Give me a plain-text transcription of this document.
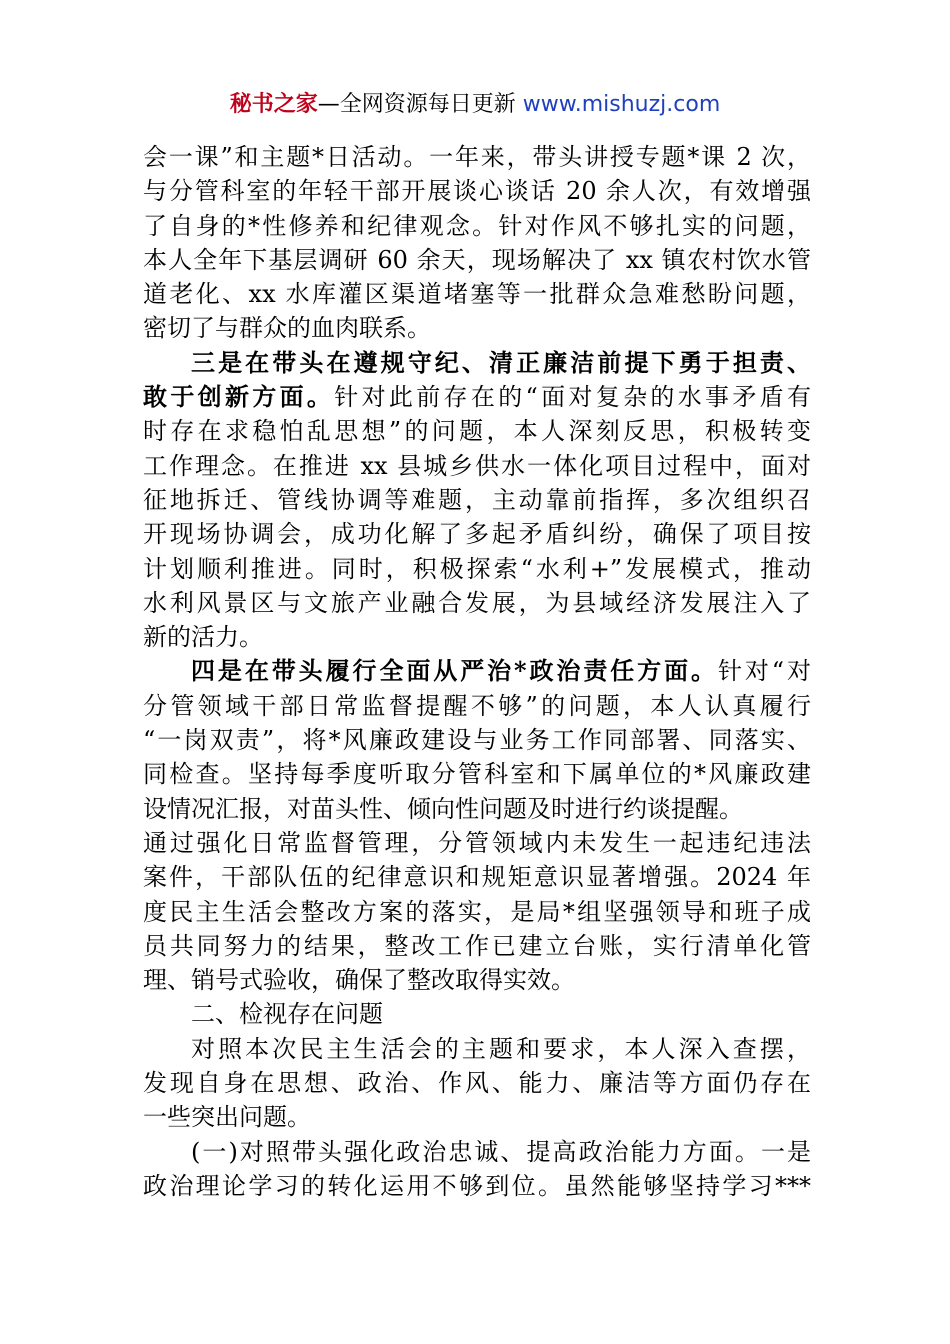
秘书之家—全网资源每日更新 www.mishuzj.com
会一课”和主题*日活动。一年来，带头讲授专题*课 2 次，
与分管科室的年轻干部开展谈心谈话 20 余人次，有效增强
了自身的*性修养和纪律观念。针对作风不够扎实的问题，
本人全年下基层调研 60 余天，现场解决了 xx 镇农村饮水管
道老化、xx 水库灌区渠道堵塞等一批群众急难愁盼问题，
密切了与群众的血肉联系。
三是在带头在遵规守纪、清正廉洁前提下勇于担责、
敢于创新方面。针对此前存在的“面对复杂的水事矛盾有
时存在求稳怕乱思想”的问题，本人深刻反思，积极转变
工作理念。在推进 xx 县城乡供水一体化项目过程中，面对
征地拆迁、管线协调等难题，主动靠前指挥，多次组织召
开现场协调会，成功化解了多起矛盾纠纷，确保了项目按
计划顺利推进。同时，积极探索“水利+”发展模式，推动
水利风景区与文旅产业融合发展，为县域经济发展注入了
新的活力。
四是在带头履行全面从严治*政治责任方面。针对“对
分管领域干部日常监督提醒不够”的问题，本人认真履行
“一岗双责”，将*风廉政建设与业务工作同部署、同落实、
同检查。坚持每季度听取分管科室和下属单位的*风廉政建
设情况汇报，对苗头性、倾向性问题及时进行约谈提醒。
通过强化日常监督管理，分管领域内未发生一起违纪违法
案件，干部队伍的纪律意识和规矩意识显著增强。2024 年
度民主生活会整改方案的落实，是局*组坚强领导和班子成
员共同努力的结果，整改工作已建立台账，实行清单化管
理、销号式验收，确保了整改取得实效。
二、检视存在问题
对照本次民主生活会的主题和要求，本人深入查摆，
发现自身在思想、政治、作风、能力、廉洁等方面仍存在
一些突出问题。
(一)对照带头强化政治忠诚、提高政治能力方面。一是
政治理论学习的转化运用不够到位。虽然能够坚持学习***
